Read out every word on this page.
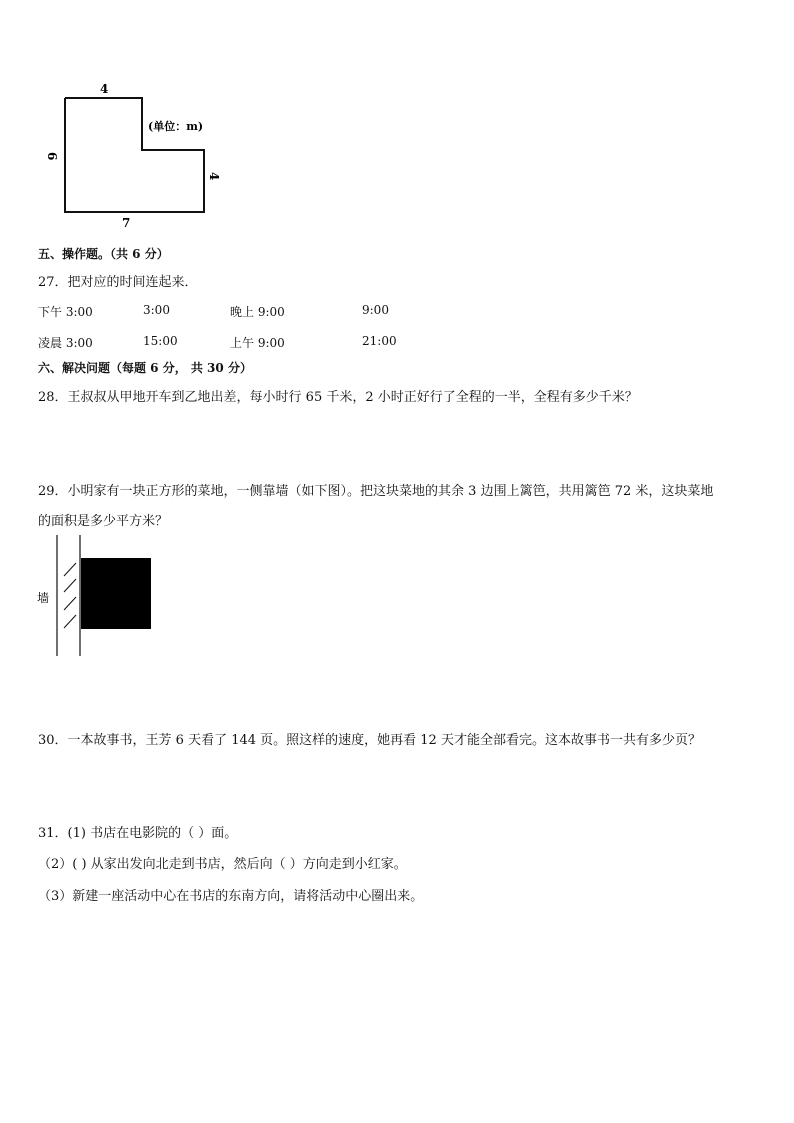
4
6
4
7
(单位：m)
五、操作题。（共 6 分）
27．把对应的时间连起来．
下午 3:00	3:00	晚上 9:00	9:00
凌晨 3:00	15:00	上午 9:00	21:00
六、解决问题（每题 6 分， 共 30 分）
28．王叔叔从甲地开车到乙地出差，每小时行 65 千米，2 小时正好行了全程的一半，全程有多少千米？
29．小明家有一块正方形的菜地，一侧靠墙（如下图）。把这块菜地的其余 3 边围上篱笆，共用篱笆 72 米，这块菜地
的面积是多少平方米？
墙
30．一本故事书，王芳 6 天看了 144 页。照这样的速度，她再看 12 天才能全部看完。这本故事书一共有多少页？
31．(1) 书店在电影院的（ ）面。
（2）( ) 从家出发向北走到书店，然后向（ ）方向走到小红家。
（3）新建一座活动中心在书店的东南方向，请将活动中心圈出来。
